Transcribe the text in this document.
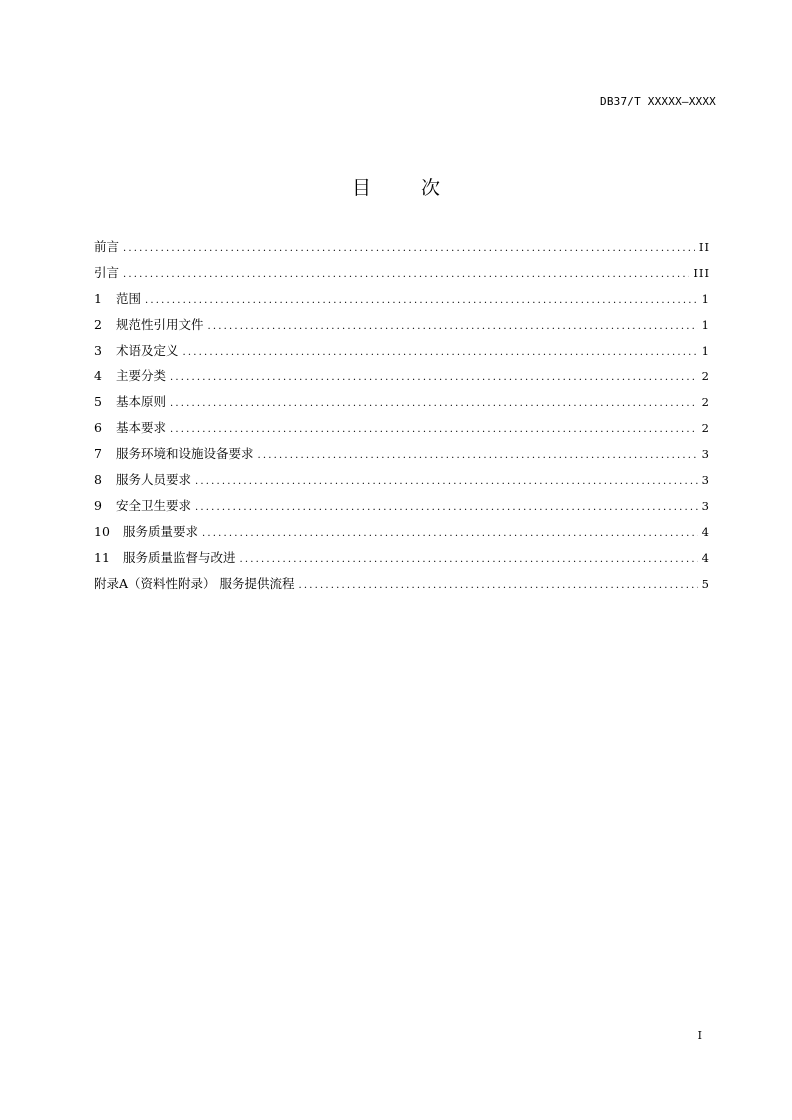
DB37/T XXXXX—XXXX
目 次
前言 .....	II
引言 .....	III
1	范围 .....	1
2	规范性引用文件 .....	1
3	术语及定义 .....	1
4	主要分类 .....	2
5	基本原则 .....	2
6	基本要求 .....	2
7	服务环境和设施设备要求 .....	3
8	服务人员要求 .....	3
9	安全卫生要求 .....	3
10	服务质量要求 .....	4
11	服务质量监督与改进 .....	4
附录A（资料性附录） 服务提供流程 .....	5
I
